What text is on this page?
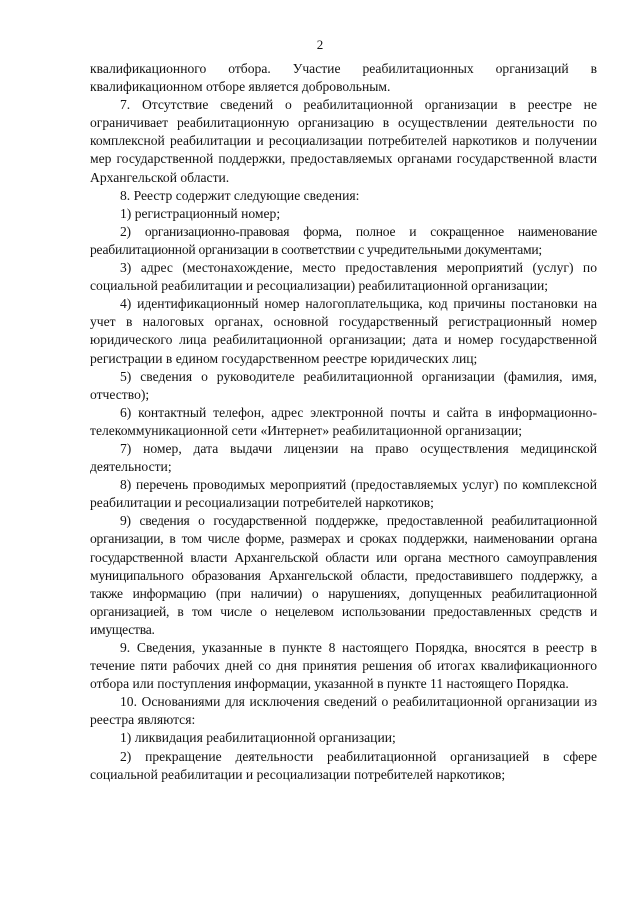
2

квалификационного отбора. Участие реабилитационных организаций в квалификационном отборе является добровольным.

7. Отсутствие сведений о реабилитационной организации в реестре не ограничивает реабилитационную организацию в осуществлении деятельности по комплексной реабилитации и ресоциализации потребителей наркотиков и получении мер государственной поддержки, предоставляемых органами государственной власти Архангельской области.

8. Реестр содержит следующие сведения:

1) регистрационный номер;

2) организационно-правовая форма, полное и сокращенное наименование реабилитационной организации в соответствии с учредительными документами;

3) адрес (местонахождение, место предоставления мероприятий (услуг) по социальной реабилитации и ресоциализации) реабилитационной организации;

4) идентификационный номер налогоплательщика, код причины постановки на учет в налоговых органах, основной государственный регистрационный номер юридического лица реабилитационной организации; дата и номер государственной регистрации в едином государственном реестре юридических лиц;

5) сведения о руководителе реабилитационной организации (фамилия, имя, отчество);

6) контактный телефон, адрес электронной почты и сайта в информационно-телекоммуникационной сети «Интернет» реабилитационной организации;

7) номер, дата выдачи лицензии на право осуществления медицинской деятельности;

8) перечень проводимых мероприятий (предоставляемых услуг) по комплексной реабилитации и ресоциализации потребителей наркотиков;

9) сведения о государственной поддержке, предоставленной реабилитационной организации, в том числе форме, размерах и сроках поддержки, наименовании органа государственной власти Архангельской области или органа местного самоуправления муниципального образования Архангельской области, предоставившего поддержку, а также информацию (при наличии) о нарушениях, допущенных реабилитационной организацией, в том числе о нецелевом использовании предоставленных средств и имущества.

9. Сведения, указанные в пункте 8 настоящего Порядка, вносятся в реестр в течение пяти рабочих дней со дня принятия решения об итогах квалификационного отбора или поступления информации, указанной в пункте 11 настоящего Порядка.

10. Основаниями для исключения сведений о реабилитационной организации из реестра являются:

1) ликвидация реабилитационной организации;

2) прекращение деятельности реабилитационной организацией в сфере социальной реабилитации и ресоциализации потребителей наркотиков;
